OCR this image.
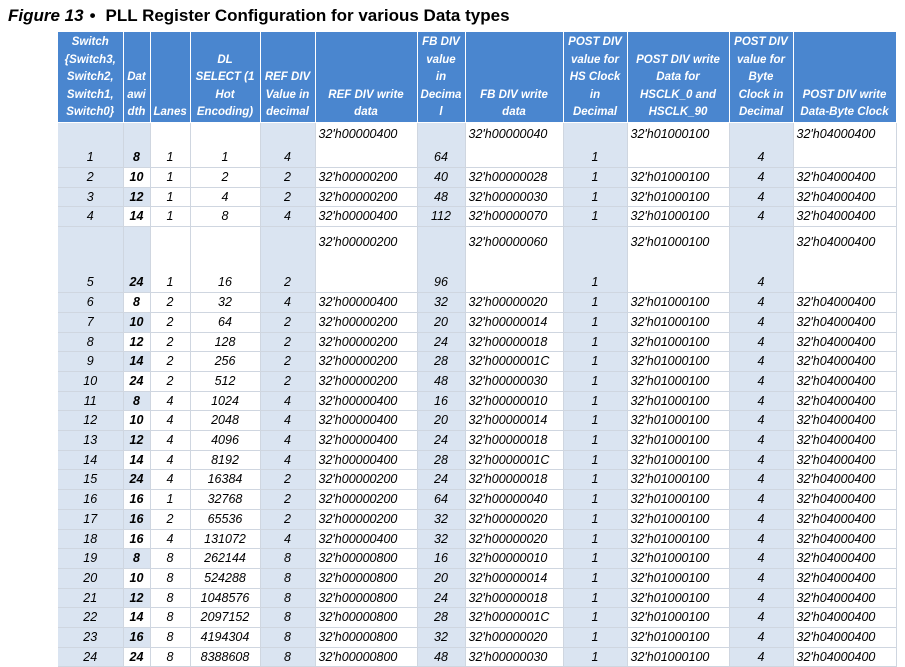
Figure 13 • PLL Register Configuration for various Data types
Switch {Switch3, Switch2, Switch1, Switch0}	Dat awi dth	Lanes	DL SELECT (1 Hot Encoding)	REF DIV Value in decimal	REF DIV write data	FB DIV value in Decima l	FB DIV write data	POST DIV value for HS Clock in Decimal	POST DIV write Data for HSCLK_0 and HSCLK_90	POST DIV value for Byte Clock in Decimal	POST DIV write Data-Byte Clock
1	8	1	1	4	32'h00000400	64	32'h00000040	1	32'h01000100	4	32'h04000400
2	10	1	2	2	32'h00000200	40	32'h00000028	1	32'h01000100	4	32'h04000400
3	12	1	4	2	32'h00000200	48	32'h00000030	1	32'h01000100	4	32'h04000400
4	14	1	8	4	32'h00000400	112	32'h00000070	1	32'h01000100	4	32'h04000400
5	24	1	16	2	32'h00000200	96	32'h00000060	1	32'h01000100	4	32'h04000400
6	8	2	32	4	32'h00000400	32	32'h00000020	1	32'h01000100	4	32'h04000400
7	10	2	64	2	32'h00000200	20	32'h00000014	1	32'h01000100	4	32'h04000400
8	12	2	128	2	32'h00000200	24	32'h00000018	1	32'h01000100	4	32'h04000400
9	14	2	256	2	32'h00000200	28	32'h0000001C	1	32'h01000100	4	32'h04000400
10	24	2	512	2	32'h00000200	48	32'h00000030	1	32'h01000100	4	32'h04000400
11	8	4	1024	4	32'h00000400	16	32'h00000010	1	32'h01000100	4	32'h04000400
12	10	4	2048	4	32'h00000400	20	32'h00000014	1	32'h01000100	4	32'h04000400
13	12	4	4096	4	32'h00000400	24	32'h00000018	1	32'h01000100	4	32'h04000400
14	14	4	8192	4	32'h00000400	28	32'h0000001C	1	32'h01000100	4	32'h04000400
15	24	4	16384	2	32'h00000200	24	32'h00000018	1	32'h01000100	4	32'h04000400
16	16	1	32768	2	32'h00000200	64	32'h00000040	1	32'h01000100	4	32'h04000400
17	16	2	65536	2	32'h00000200	32	32'h00000020	1	32'h01000100	4	32'h04000400
18	16	4	131072	4	32'h00000400	32	32'h00000020	1	32'h01000100	4	32'h04000400
19	8	8	262144	8	32'h00000800	16	32'h00000010	1	32'h01000100	4	32'h04000400
20	10	8	524288	8	32'h00000800	20	32'h00000014	1	32'h01000100	4	32'h04000400
21	12	8	1048576	8	32'h00000800	24	32'h00000018	1	32'h01000100	4	32'h04000400
22	14	8	2097152	8	32'h00000800	28	32'h0000001C	1	32'h01000100	4	32'h04000400
23	16	8	4194304	8	32'h00000800	32	32'h00000020	1	32'h01000100	4	32'h04000400
24	24	8	8388608	8	32'h00000800	48	32'h00000030	1	32'h01000100	4	32'h04000400
